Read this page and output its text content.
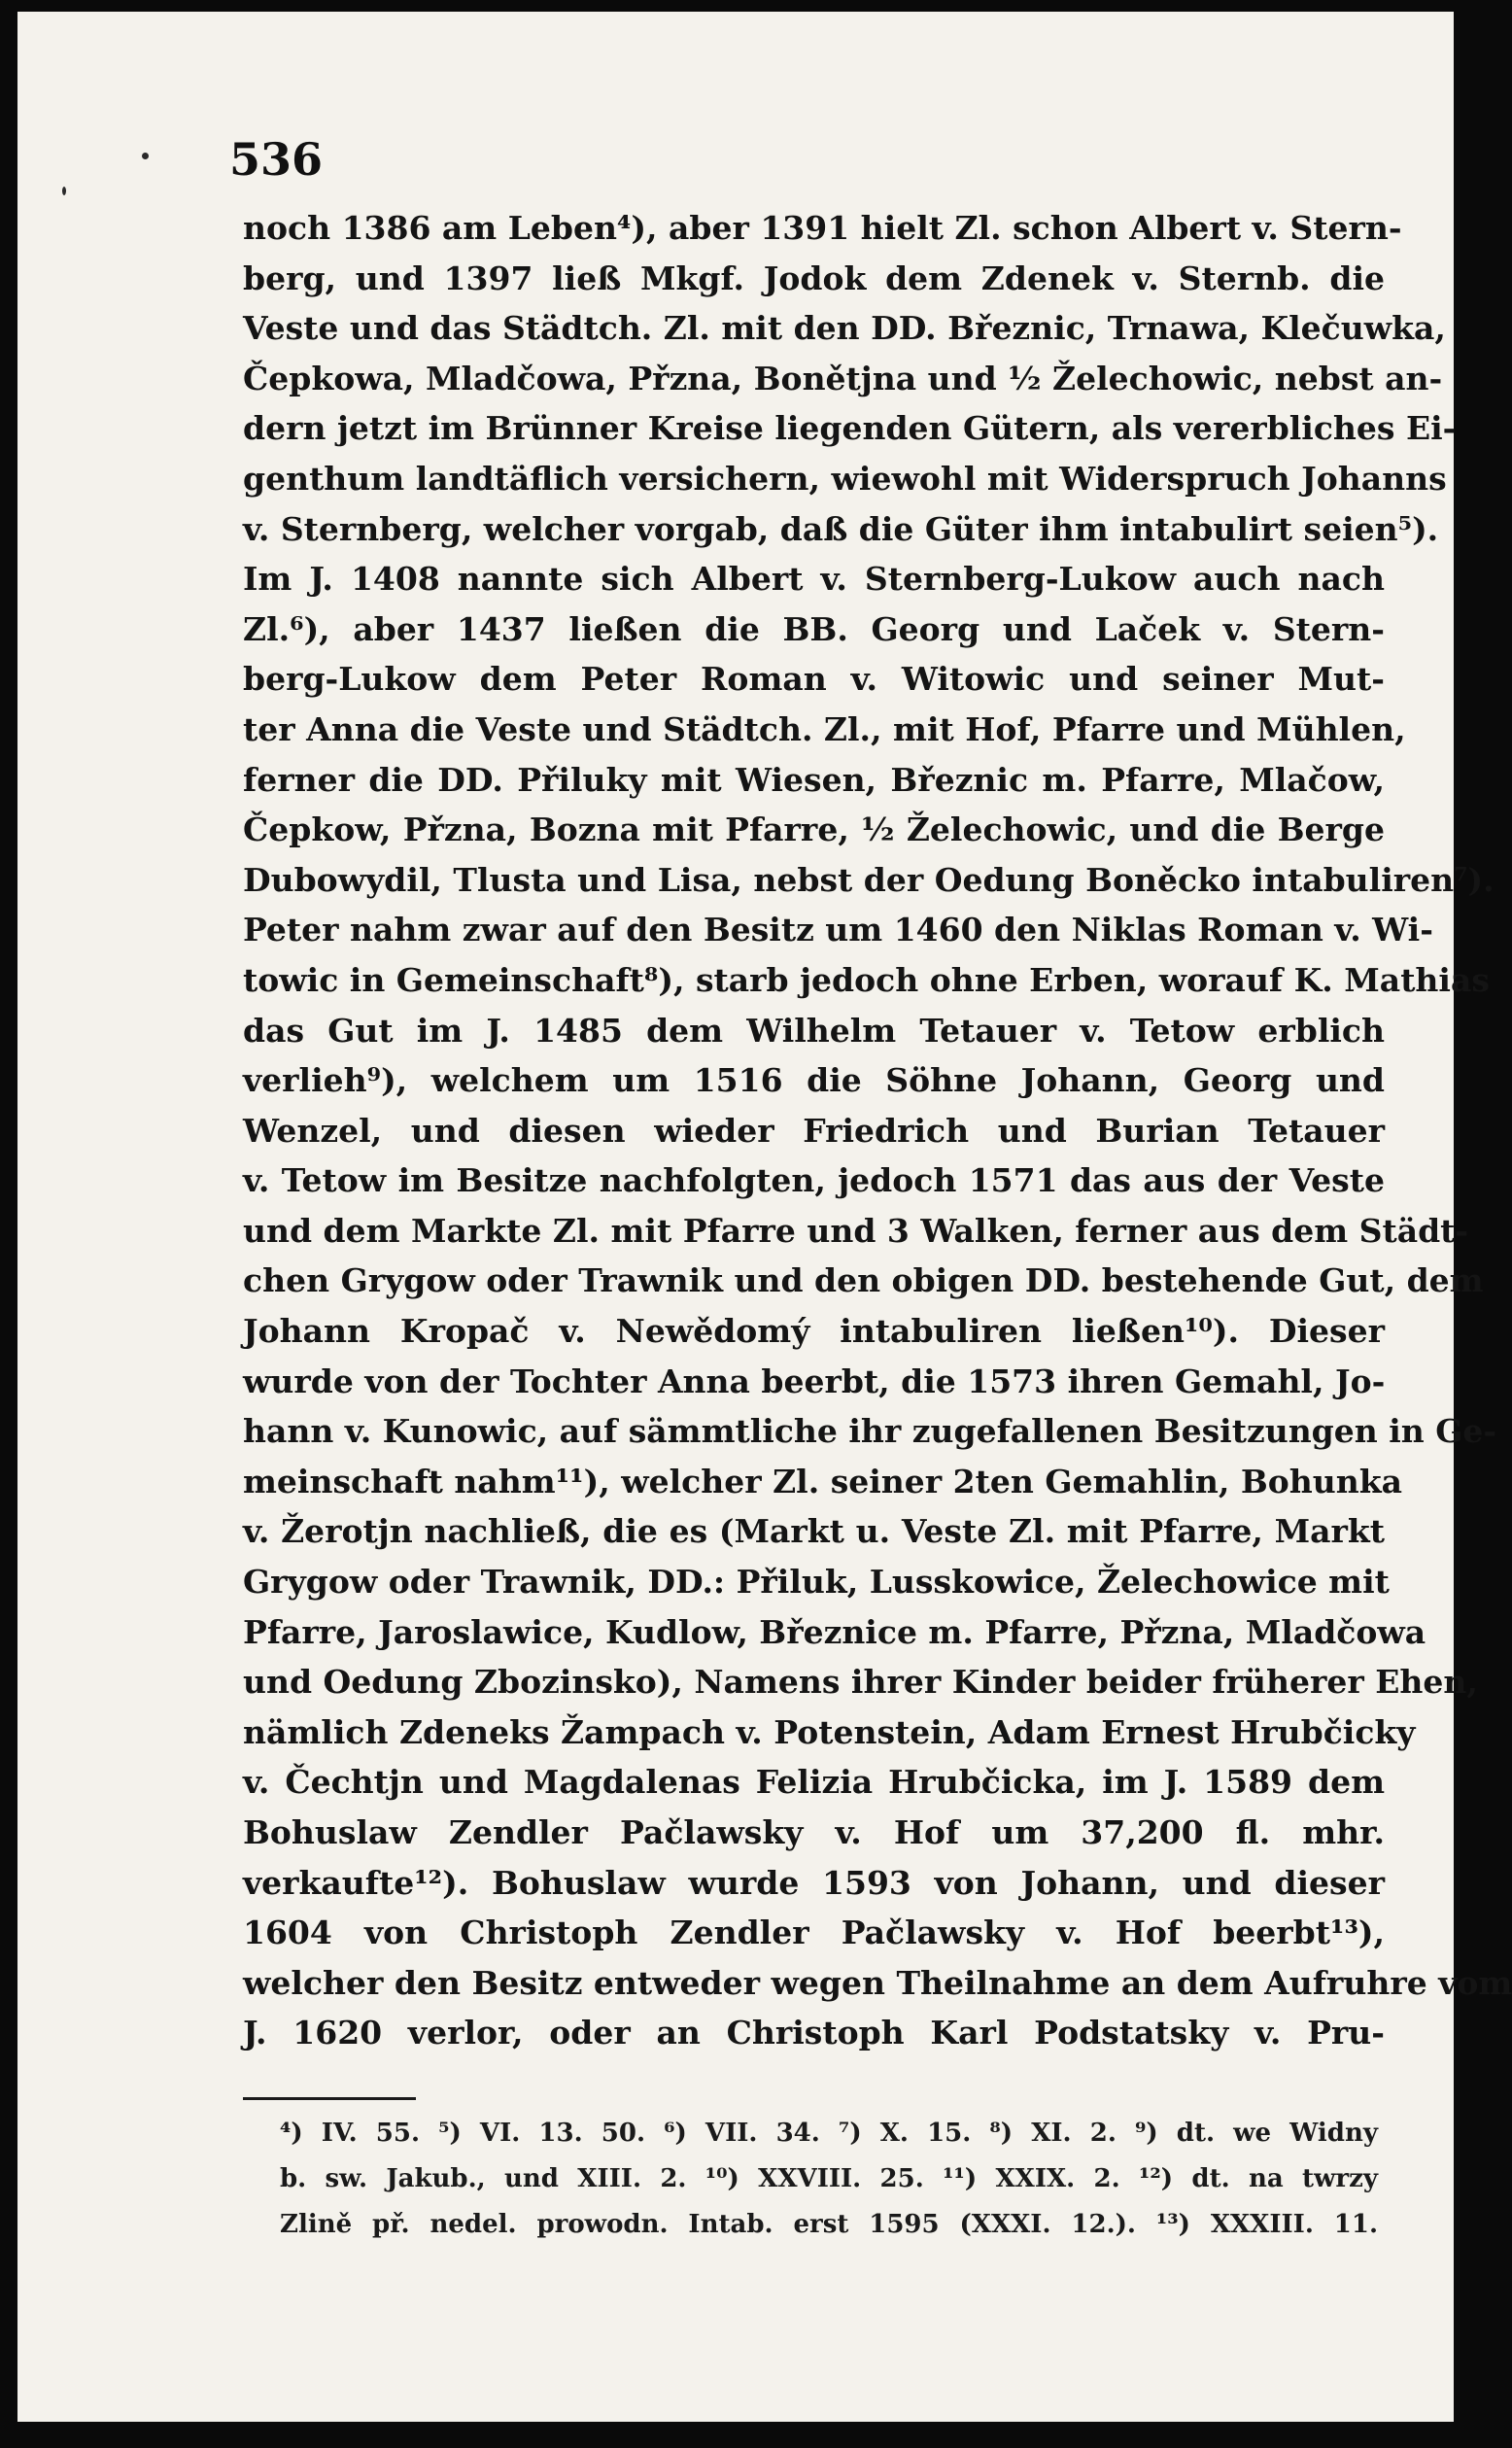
536
noch 1386 am Leben⁴), aber 1391 hielt Zl. schon Albert v. Stern-
berg, und 1397 ließ Mkgf. Jodok dem Zdenek v. Sternb. die
Veste und das Städtch. Zl. mit den DD. Březnic, Trnawa, Klečuwka,
Čepkowa, Mladčowa, Přzna, Bonětjna und ½ Želechowic, nebst an-
dern jetzt im Brünner Kreise liegenden Gütern, als vererbliches Ei-
genthum landtäflich versichern, wiewohl mit Widerspruch Johanns
v. Sternberg, welcher vorgab, daß die Güter ihm intabulirt seien⁵).
Im J. 1408 nannte sich Albert v. Sternberg-Lukow auch nach
Zl.⁶), aber 1437 ließen die BB. Georg und Laček v. Stern-
berg-Lukow dem Peter Roman v. Witowic und seiner Mut-
ter Anna die Veste und Städtch. Zl., mit Hof, Pfarre und Mühlen,
ferner die DD. Přiluky mit Wiesen, Březnic m. Pfarre, Mlačow,
Čepkow, Přzna, Bozna mit Pfarre, ½ Želechowic, und die Berge
Dubowydil, Tlusta und Lisa, nebst der Oedung Boněcko intabuliren⁷).
Peter nahm zwar auf den Besitz um 1460 den Niklas Roman v. Wi-
towic in Gemeinschaft⁸), starb jedoch ohne Erben, worauf K. Mathias
das Gut im J. 1485 dem Wilhelm Tetauer v. Tetow erblich
verlieh⁹), welchem um 1516 die Söhne Johann, Georg und
Wenzel, und diesen wieder Friedrich und Burian Tetauer
v. Tetow im Besitze nachfolgten, jedoch 1571 das aus der Veste
und dem Markte Zl. mit Pfarre und 3 Walken, ferner aus dem Städt-
chen Grygow oder Trawnik und den obigen DD. bestehende Gut, dem
Johann Kropač v. Newědomý intabuliren ließen¹⁰). Dieser
wurde von der Tochter Anna beerbt, die 1573 ihren Gemahl, Jo-
hann v. Kunowic, auf sämmtliche ihr zugefallenen Besitzungen in Ge-
meinschaft nahm¹¹), welcher Zl. seiner 2ten Gemahlin, Bohunka
v. Žerotjn nachließ, die es (Markt u. Veste Zl. mit Pfarre, Markt
Grygow oder Trawnik, DD.: Přiluk, Lusskowice, Želechowice mit
Pfarre, Jaroslawice, Kudlow, Březnice m. Pfarre, Přzna, Mladčowa
und Oedung Zbozinsko), Namens ihrer Kinder beider früherer Ehen,
nämlich Zdeneks Žampach v. Potenstein, Adam Ernest Hrubčicky
v. Čechtjn und Magdalenas Felizia Hrubčicka, im J. 1589 dem
Bohuslaw Zendler Pačlawsky v. Hof um 37,200 fl. mhr.
verkaufte¹²). Bohuslaw wurde 1593 von Johann, und dieser
1604 von Christoph Zendler Pačlawsky v. Hof beerbt¹³),
welcher den Besitz entweder wegen Theilnahme an dem Aufruhre vom
J. 1620 verlor, oder an Christoph Karl Podstatsky v. Pru-
⁴) IV. 55. ⁵) VI. 13. 50. ⁶) VII. 34. ⁷) X. 15. ⁸) XI. 2. ⁹) dt. we Widny
b. sw. Jakub., und XIII. 2. ¹⁰) XXVIII. 25. ¹¹) XXIX. 2. ¹²) dt. na twrzy
Zlině př. nedel. prowodn. Intab. erst 1595 (XXXI. 12.). ¹³) XXXIII. 11.
